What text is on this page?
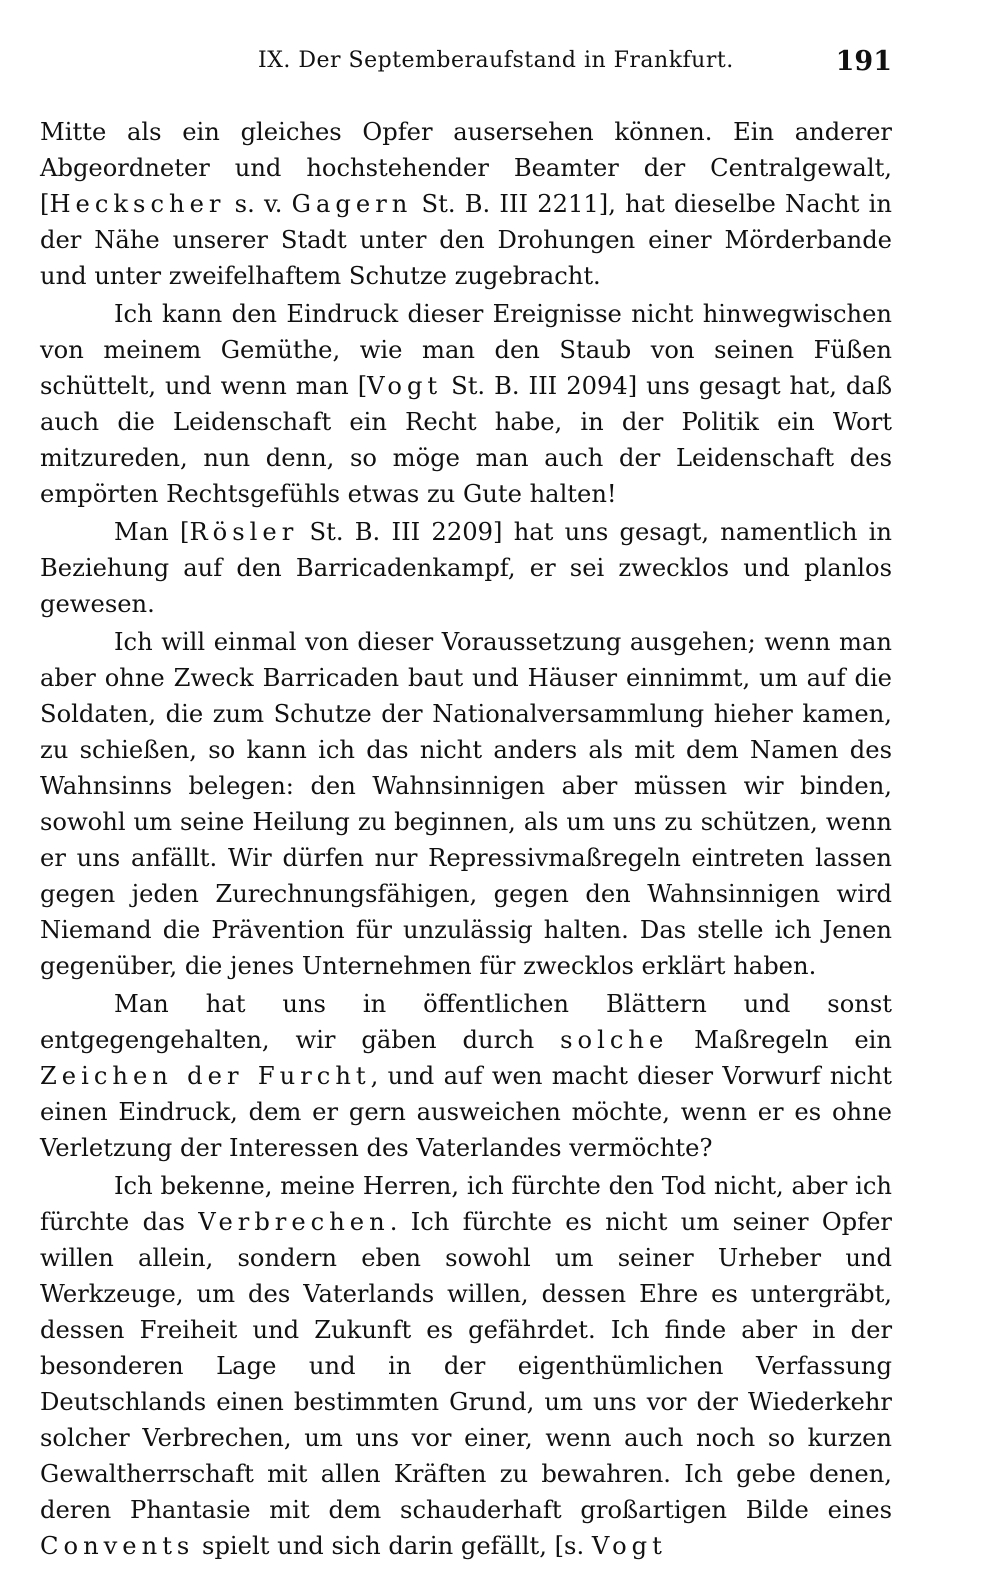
IX. Der Septemberaufstand in Frankfurt.	191

Mitte als ein gleiches Opfer ausersehen können. Ein anderer Abgeordneter und hochstehender Beamter der Centralgewalt, [Heckscher s. v. Gagern St. B. III 2211], hat dieselbe Nacht in der Nähe unserer Stadt unter den Drohungen einer Mörderbande und unter zweifelhaftem Schutze zugebracht.

Ich kann den Eindruck dieser Ereignisse nicht hinwegwischen von meinem Gemüthe, wie man den Staub von seinen Füßen schüttelt, und wenn man [Vogt St. B. III 2094] uns gesagt hat, daß auch die Leidenschaft ein Recht habe, in der Politik ein Wort mitzureden, nun denn, so möge man auch der Leidenschaft des empörten Rechtsgefühls etwas zu Gute halten!

Man [Rösler St. B. III 2209] hat uns gesagt, namentlich in Beziehung auf den Barricadenkampf, er sei zwecklos und planlos gewesen.

Ich will einmal von dieser Voraussetzung ausgehen; wenn man aber ohne Zweck Barricaden baut und Häuser einnimmt, um auf die Soldaten, die zum Schutze der Nationalversammlung hieher kamen, zu schießen, so kann ich das nicht anders als mit dem Namen des Wahnsinns belegen: den Wahnsinnigen aber müssen wir binden, sowohl um seine Heilung zu beginnen, als um uns zu schützen, wenn er uns anfällt. Wir dürfen nur Repressivmaßregeln eintreten lassen gegen jeden Zurechnungsfähigen, gegen den Wahnsinnigen wird Niemand die Prävention für unzulässig halten. Das stelle ich Jenen gegenüber, die jenes Unternehmen für zwecklos erklärt haben.

Man hat uns in öffentlichen Blättern und sonst entgegengehalten, wir gäben durch solche Maßregeln ein Zeichen der Furcht, und auf wen macht dieser Vorwurf nicht einen Eindruck, dem er gern ausweichen möchte, wenn er es ohne Verletzung der Interessen des Vaterlandes vermöchte?

Ich bekenne, meine Herren, ich fürchte den Tod nicht, aber ich fürchte das Verbrechen. Ich fürchte es nicht um seiner Opfer willen allein, sondern eben sowohl um seiner Urheber und Werkzeuge, um des Vaterlands willen, dessen Ehre es untergräbt, dessen Freiheit und Zukunft es gefährdet. Ich finde aber in der besonderen Lage und in der eigenthümlichen Verfassung Deutschlands einen bestimmten Grund, um uns vor der Wiederkehr solcher Verbrechen, um uns vor einer, wenn auch noch so kurzen Gewaltherrschaft mit allen Kräften zu bewahren. Ich gebe denen, deren Phantasie mit dem schauderhaft großartigen Bilde eines Convents spielt und sich darin gefällt, [s. Vogt
